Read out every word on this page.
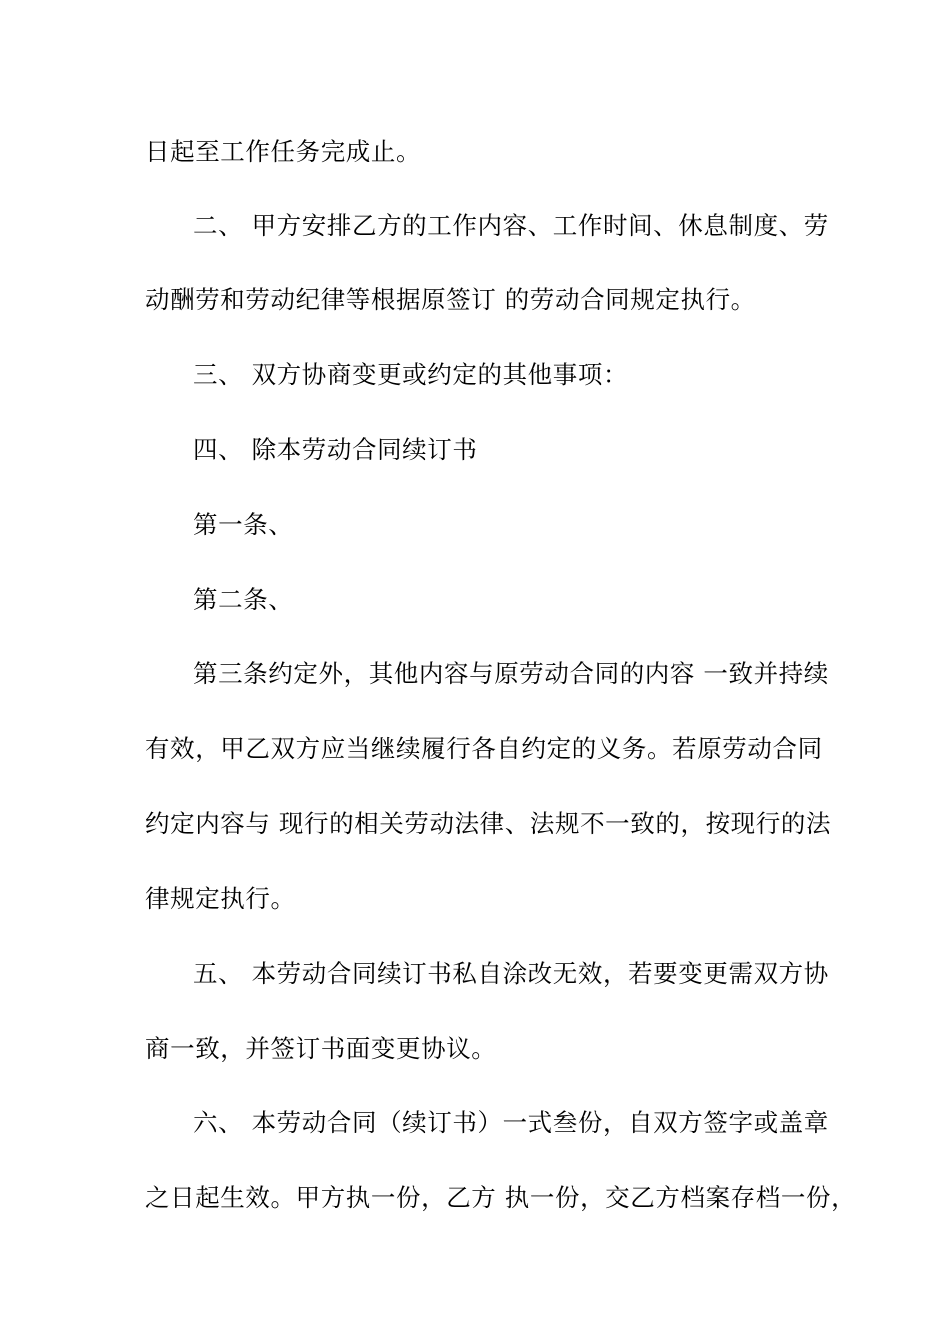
日起至工作任务完成止。
二、 甲方安排乙方的工作内容、工作时间、休息制度、劳
动酬劳和劳动纪律等根据原签订 的劳动合同规定执行。
三、 双方协商变更或约定的其他事项：
四、 除本劳动合同续订书
第一条、
第二条、
第三条约定外，其他内容与原劳动合同的内容 一致并持续
有效，甲乙双方应当继续履行各自约定的义务。若原劳动合同
约定内容与 现行的相关劳动法律、法规不一致的，按现行的法
律规定执行。
五、 本劳动合同续订书私自涂改无效，若要变更需双方协
商一致，并签订书面变更协议。
六、 本劳动合同（续订书）一式叁份，自双方签字或盖章
之日起生效。甲方执一份，乙方 执一份，交乙方档案存档一份，
